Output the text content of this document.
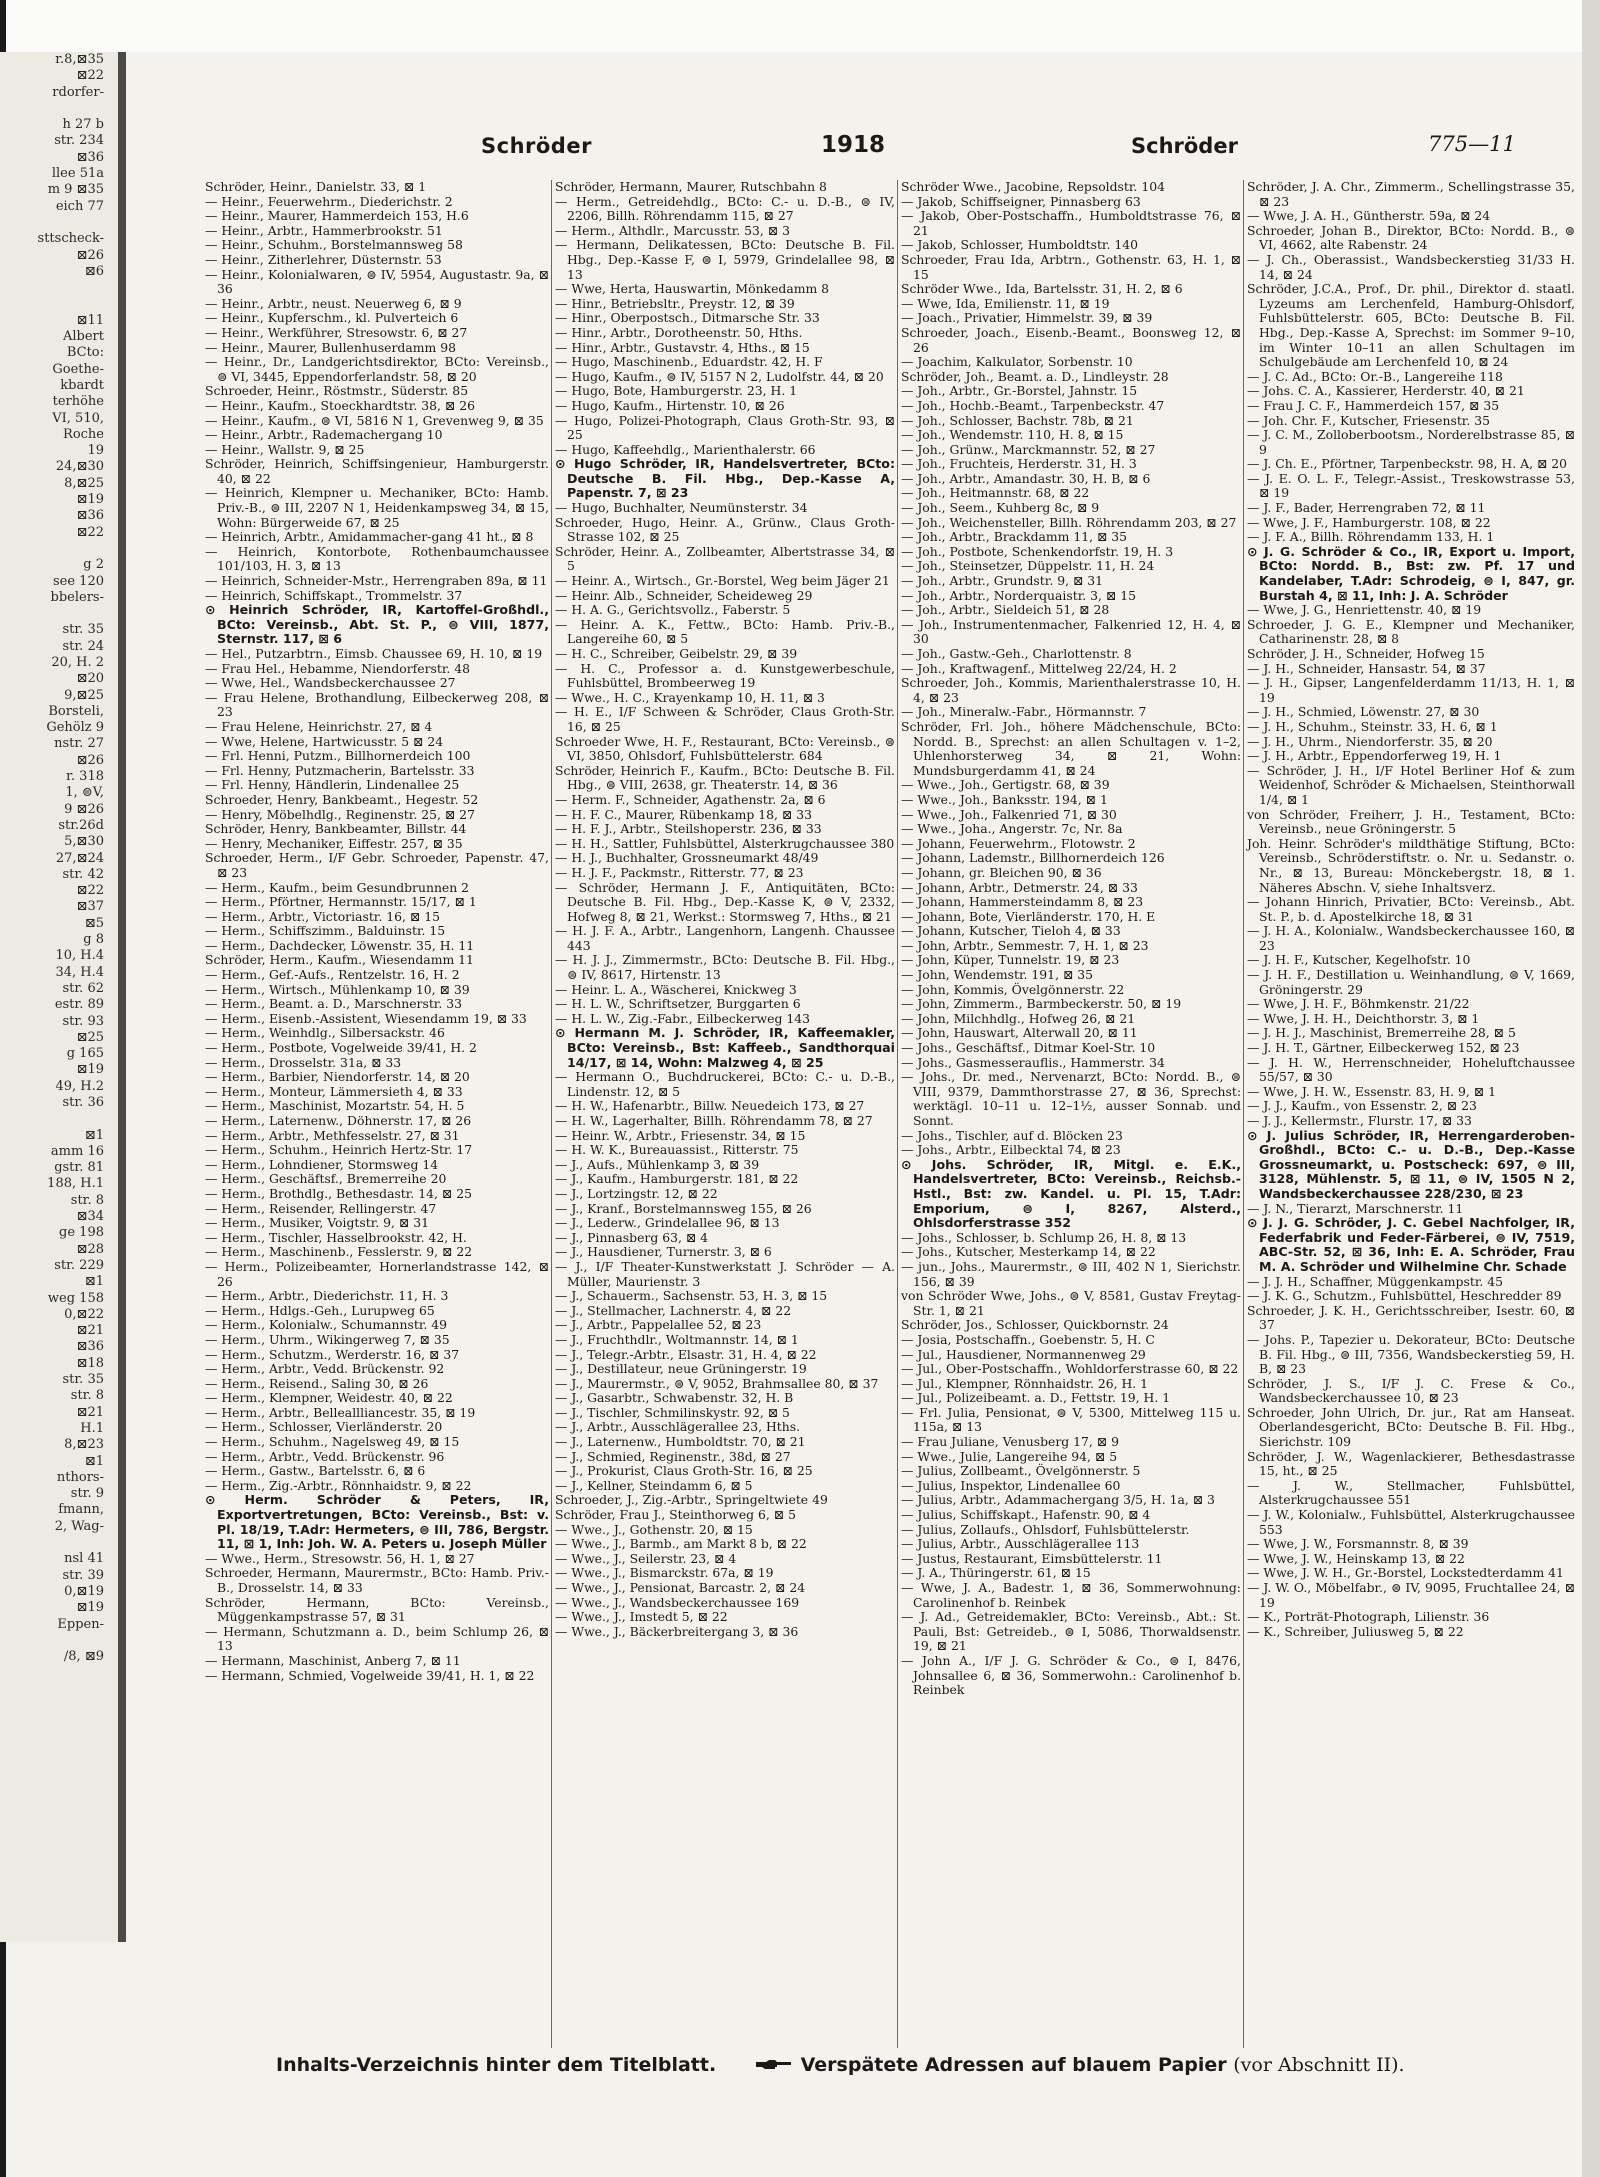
r.8,⊠35
⊠22
rdorfer-

h 27 b
str. 234
⊠36
llee 51a
m 9 ⊠35
eich 77

sttscheck-
⊠26
⊠6

⊠11
Albert
BCto:
Goethe-
kbardt
terhöhe
VI, 510,
Roche
19
24,⊠30
8,⊠25
⊠19
⊠36
⊠22

g 2
see 120
bbelers-

str. 35
str. 24
20, H. 2
⊠20
9,⊠25
Borsteli,
Gehölz 9
nstr. 27
⊠26
r. 318
1, ⊜V,
9 ⊠26
str.26d
5,⊠30
27,⊠24
str. 42
⊠22
⊠37
⊠5
g 8
10, H.4
34, H.4
str. 62
estr. 89
str. 93
⊠25
g 165
⊠19
49, H.2
str. 36

⊠1
amm 16
gstr. 81
188, H.1
str. 8
⊠34
ge 198
⊠28
str. 229
⊠1
weg 158
0,⊠22
⊠21
⊠36
⊠18
str. 35
str. 8
⊠21
H.1
8,⊠23
⊠1
nthors-
str. 9
fmann,
2, Wag-

nsl 41
str. 39
0,⊠19
⊠19
Eppen-

/8, ⊠9
Schröder	1918	Schröder	775—11

Schröder, Heinr., Danielstr. 33, ⊠ 1

— Heinr., Feuerwehrm., Diederichstr. 2

— Heinr., Maurer, Hammerdeich 153, H.6

— Heinr., Arbtr., Hammerbrookstr. 51

— Heinr., Schuhm., Borstelmannsweg 58

— Heinr., Zitherlehrer, Düsternstr. 53

— Heinr., Kolonialwaren, ⊜ IV, 5954, Augustastr. 9a, ⊠ 36

— Heinr., Arbtr., neust. Neuerweg 6, ⊠ 9

— Heinr., Kupferschm., kl. Pulverteich 6

— Heinr., Werkführer, Stresowstr. 6, ⊠ 27

— Heinr., Maurer, Bullenhuserdamm 98

— Heinr., Dr., Landgerichtsdirektor, BCto: Vereinsb., ⊜ VI, 3445, Eppendorferlandstr. 58, ⊠ 20

Schroeder, Heinr., Röstmstr., Süderstr. 85

— Heinr., Kaufm., Stoeckhardtstr. 38, ⊠ 26

— Heinr., Kaufm., ⊜ VI, 5816 N 1, Grevenweg 9, ⊠ 35

— Heinr., Arbtr., Rademachergang 10

— Heinr., Wallstr. 9, ⊠ 25

Schröder, Heinrich, Schiffsingenieur, Hamburgerstr. 40, ⊠ 22

— Heinrich, Klempner u. Mechaniker, BCto: Hamb. Priv.-B., ⊜ III, 2207 N 1, Heidenkampsweg 34, ⊠ 15, Wohn: Bürgerweide 67, ⊠ 25

— Heinrich, Arbtr., Amidammacher-gang 41 ht., ⊠ 8

— Heinrich, Kontorbote, Rothenbaumchaussee 101/103, H. 3, ⊠ 13

— Heinrich, Schneider-Mstr., Herrengraben 89a, ⊠ 11

— Heinrich, Schiffskapt., Trommelstr. 37

⊙ Heinrich Schröder, IR, Kartoffel-Großhdl., BCto: Vereinsb., Abt. St. P., ⊜ VIII, 1877, Sternstr. 117, ⊠ 6

— Hel., Putzarbtrn., Eimsb. Chaussee 69, H. 10, ⊠ 19

— Frau Hel., Hebamme, Niendorferstr. 48

— Wwe, Hel., Wandsbeckerchaussee 27

— Frau Helene, Brothandlung, Eilbeckerweg 208, ⊠ 23

— Frau Helene, Heinrichstr. 27, ⊠ 4

— Wwe, Helene, Hartwicusstr. 5 ⊠ 24

— Frl. Henni, Putzm., Billhornerdeich 100

— Frl. Henny, Putzmacherin, Bartelsstr. 33

— Frl. Henny, Händlerin, Lindenallee 25

Schroeder, Henry, Bankbeamt., Hegestr. 52

— Henry, Möbelhdlg., Reginenstr. 25, ⊠ 27

Schröder, Henry, Bankbeamter, Billstr. 44

— Henry, Mechaniker, Eiffestr. 257, ⊠ 35

Schroeder, Herm., I/F Gebr. Schroeder, Papenstr. 47, ⊠ 23

— Herm., Kaufm., beim Gesundbrunnen 2

— Herm., Pförtner, Hermannstr. 15/17, ⊠ 1

— Herm., Arbtr., Victoriastr. 16, ⊠ 15

— Herm., Schiffszimm., Balduinstr. 15

— Herm., Dachdecker, Löwenstr. 35, H. 11

Schröder, Herm., Kaufm., Wiesendamm 11

— Herm., Gef.-Aufs., Rentzelstr. 16, H. 2

— Herm., Wirtsch., Mühlenkamp 10, ⊠ 39

— Herm., Beamt. a. D., Marschnerstr. 33

— Herm., Eisenb.-Assistent, Wiesendamm 19, ⊠ 33

— Herm., Weinhdlg., Silbersackstr. 46

— Herm., Postbote, Vogelweide 39/41, H. 2

— Herm., Drosselstr. 31a, ⊠ 33

— Herm., Barbier, Niendorferstr. 14, ⊠ 20

— Herm., Monteur, Lämmersieth 4, ⊠ 33

— Herm., Maschinist, Mozartstr. 54, H. 5

— Herm., Laternenw., Döhnerstr. 17, ⊠ 26

— Herm., Arbtr., Methfesselstr. 27, ⊠ 31

— Herm., Schuhm., Heinrich Hertz-Str. 17

— Herm., Lohndiener, Stormsweg 14

— Herm., Geschäftsf., Bremerreihe 20

— Herm., Brothdlg., Bethesdastr. 14, ⊠ 25

— Herm., Reisender, Rellingerstr. 47

— Herm., Musiker, Voigtstr. 9, ⊠ 31

— Herm., Tischler, Hasselbrookstr. 42, H.

— Herm., Maschinenb., Fesslerstr. 9, ⊠ 22

— Herm., Polizeibeamter, Hornerlandstrasse 142, ⊠ 26

— Herm., Arbtr., Diederichstr. 11, H. 3

— Herm., Hdlgs.-Geh., Lurupweg 65

— Herm., Kolonialw., Schumannstr. 49

— Herm., Uhrm., Wikingerweg 7, ⊠ 35

— Herm., Schutzm., Werderstr. 16, ⊠ 37

— Herm., Arbtr., Vedd. Brückenstr. 92

— Herm., Reisend., Saling 30, ⊠ 26

— Herm., Klempner, Weidestr. 40, ⊠ 22

— Herm., Arbtr., Belleallliancestr. 35, ⊠ 19

— Herm., Schlosser, Vierländerstr. 20

— Herm., Schuhm., Nagelsweg 49, ⊠ 15

— Herm., Arbtr., Vedd. Brückenstr. 96

— Herm., Gastw., Bartelsstr. 6, ⊠ 6

— Herm., Zig.-Arbtr., Rönnhaidstr. 9, ⊠ 22

⊙ Herm. Schröder & Peters, IR, Exportvertretungen, BCto: Vereinsb., Bst: v. Pl. 18/19, T.Adr: Hermeters, ⊜ III, 786, Bergstr. 11, ⊠ 1, Inh: Joh. W. A. Peters u. Joseph Müller

— Wwe., Herm., Stresowstr. 56, H. 1, ⊠ 27

Schroeder, Hermann, Maurermstr., BCto: Hamb. Priv.-B., Drosselstr. 14, ⊠ 33

Schröder, Hermann, BCto: Vereinsb., Müggenkampstrasse 57, ⊠ 31

— Hermann, Schutzmann a. D., beim Schlump 26, ⊠ 13

— Hermann, Maschinist, Anberg 7, ⊠ 11

— Hermann, Schmied, Vogelweide 39/41, H. 1, ⊠ 22

Schröder, Hermann, Maurer, Rutschbahn 8

— Herm., Getreidehdlg., BCto: C.- u. D.-B., ⊜ IV, 2206, Billh. Röhrendamm 115, ⊠ 27

— Herm., Althdlr., Marcusstr. 53, ⊠ 3

— Hermann, Delikatessen, BCto: Deutsche B. Fil. Hbg., Dep.-Kasse F, ⊜ I, 5979, Grindelallee 98, ⊠ 13

— Wwe, Herta, Hauswartin, Mönkedamm 8

— Hinr., Betriebsltr., Preystr. 12, ⊠ 39

— Hinr., Oberpostsch., Ditmarsche Str. 33

— Hinr., Arbtr., Dorotheenstr. 50, Hths.

— Hinr., Arbtr., Gustavstr. 4, Hths., ⊠ 15

— Hugo, Maschinenb., Eduardstr. 42, H. F

— Hugo, Kaufm., ⊜ IV, 5157 N 2, Ludolfstr. 44, ⊠ 20

— Hugo, Bote, Hamburgerstr. 23, H. 1

— Hugo, Kaufm., Hirtenstr. 10, ⊠ 26

— Hugo, Polizei-Photograph, Claus Groth-Str. 93, ⊠ 25

— Hugo, Kaffeehdlg., Marienthalerstr. 66

⊙ Hugo Schröder, IR, Handelsvertreter, BCto: Deutsche B. Fil. Hbg., Dep.-Kasse A, Papenstr. 7, ⊠ 23

— Hugo, Buchhalter, Neumünsterstr. 34

Schroeder, Hugo, Heinr. A., Grünw., Claus Groth-Strasse 102, ⊠ 25

Schröder, Heinr. A., Zollbeamter, Albertstrasse 34, ⊠ 5

— Heinr. A., Wirtsch., Gr.-Borstel, Weg beim Jäger 21

— Heinr. Alb., Schneider, Scheideweg 29

— H. A. G., Gerichtsvollz., Faberstr. 5

— Heinr. A. K., Fettw., BCto: Hamb. Priv.-B., Langereihe 60, ⊠ 5

— H. C., Schreiber, Geibelstr. 29, ⊠ 39

— H. C., Professor a. d. Kunstgewerbeschule, Fuhlsbüttel, Brombeerweg 19

— Wwe., H. C., Krayenkamp 10, H. 11, ⊠ 3

— H. E., I/F Schween & Schröder, Claus Groth-Str. 16, ⊠ 25

Schroeder Wwe, H. F., Restaurant, BCto: Vereinsb., ⊜ VI, 3850, Ohlsdorf, Fuhlsbüttelerstr. 684

Schröder, Heinrich F., Kaufm., BCto: Deutsche B. Fil. Hbg., ⊜ VIII, 2638, gr. Theaterstr. 14, ⊠ 36

— Herm. F., Schneider, Agathenstr. 2a, ⊠ 6

— H. F. C., Maurer, Rübenkamp 18, ⊠ 33

— H. F. J., Arbtr., Steilshoperstr. 236, ⊠ 33

— H. H., Sattler, Fuhlsbüttel, Alsterkrugchaussee 380

— H. J., Buchhalter, Grossneumarkt 48/49

— H. J. F., Packmstr., Ritterstr. 77, ⊠ 23

— Schröder, Hermann J. F., Antiquitäten, BCto: Deutsche B. Fil. Hbg., Dep.-Kasse K, ⊜ V, 2332, Hofweg 8, ⊠ 21, Werkst.: Stormsweg 7, Hths., ⊠ 21

— H. J. F. A., Arbtr., Langenhorn, Langenh. Chaussee 443

— H. J. J., Zimmermstr., BCto: Deutsche B. Fil. Hbg., ⊜ IV, 8617, Hirtenstr. 13

— Heinr. L. A., Wäscherei, Knickweg 3

— H. L. W., Schriftsetzer, Burggarten 6

— H. L. W., Zig.-Fabr., Eilbeckerweg 143

⊙ Hermann M. J. Schröder, IR, Kaffeemakler, BCto: Vereinsb., Bst: Kaffeeb., Sandthorquai 14/17, ⊠ 14, Wohn: Malzweg 4, ⊠ 25

— Hermann O., Buchdruckerei, BCto: C.- u. D.-B., Lindenstr. 12, ⊠ 5

— H. W., Hafenarbtr., Billw. Neuedeich 173, ⊠ 27

— H. W., Lagerhalter, Billh. Röhrendamm 78, ⊠ 27

— Heinr. W., Arbtr., Friesenstr. 34, ⊠ 15

— H. W. K., Bureauassist., Ritterstr. 75

— J., Aufs., Mühlenkamp 3, ⊠ 39

— J., Kaufm., Hamburgerstr. 181, ⊠ 22

— J., Lortzingstr. 12, ⊠ 22

— J., Kranf., Borstelmannsweg 155, ⊠ 26

— J., Lederw., Grindelallee 96, ⊠ 13

— J., Pinnasberg 63, ⊠ 4

— J., Hausdiener, Turnerstr. 3, ⊠ 6

— J., I/F Theater-Kunstwerkstatt J. Schröder — A. Müller, Maurienstr. 3

— J., Schauerm., Sachsenstr. 53, H. 3, ⊠ 15

— J., Stellmacher, Lachnerstr. 4, ⊠ 22

— J., Arbtr., Pappelallee 52, ⊠ 23

— J., Fruchthdlr., Woltmannstr. 14, ⊠ 1

— J., Telegr.-Arbtr., Elsastr. 31, H. 4, ⊠ 22

— J., Destillateur, neue Grüningerstr. 19

— J., Maurermstr., ⊜ V, 9052, Brahmsallee 80, ⊠ 37

— J., Gasarbtr., Schwabenstr. 32, H. B

— J., Tischler, Schmilinskystr. 92, ⊠ 5

— J., Arbtr., Ausschlägerallee 23, Hths.

— J., Laternenw., Humboldtstr. 70, ⊠ 21

— J., Schmied, Reginenstr., 38d, ⊠ 27

— J., Prokurist, Claus Groth-Str. 16, ⊠ 25

— J., Kellner, Steindamm 6, ⊠ 5

Schroeder, J., Zig.-Arbtr., Springeltwiete 49

Schröder, Frau J., Steinthorweg 6, ⊠ 5

— Wwe., J., Gothenstr. 20, ⊠ 15

— Wwe., J., Barmb., am Markt 8 b, ⊠ 22

— Wwe., J., Seilerstr. 23, ⊠ 4

— Wwe., J., Bismarckstr. 67a, ⊠ 19

— Wwe., J., Pensionat, Barcastr. 2, ⊠ 24

— Wwe., J., Wandsbeckerchaussee 169

— Wwe., J., Imstedt 5, ⊠ 22

— Wwe., J., Bäckerbreitergang 3, ⊠ 36

Schröder Wwe., Jacobine, Repsoldstr. 104

— Jakob, Schiffseigner, Pinnasberg 63

— Jakob, Ober-Postschaffn., Humboldtstrasse 76, ⊠ 21

— Jakob, Schlosser, Humboldtstr. 140

Schroeder, Frau Ida, Arbtrn., Gothenstr. 63, H. 1, ⊠ 15

Schröder Wwe., Ida, Bartelsstr. 31, H. 2, ⊠ 6

— Wwe, Ida, Emilienstr. 11, ⊠ 19

— Joach., Privatier, Himmelstr. 39, ⊠ 39

Schroeder, Joach., Eisenb.-Beamt., Boonsweg 12, ⊠ 26

— Joachim, Kalkulator, Sorbenstr. 10

Schröder, Joh., Beamt. a. D., Lindleystr. 28

— Joh., Arbtr., Gr.-Borstel, Jahnstr. 15

— Joh., Hochb.-Beamt., Tarpenbeckstr. 47

— Joh., Schlosser, Bachstr. 78b, ⊠ 21

— Joh., Wendemstr. 110, H. 8, ⊠ 15

— Joh., Grünw., Marckmannstr. 52, ⊠ 27

— Joh., Fruchteis, Herderstr. 31, H. 3

— Joh., Arbtr., Amandastr. 30, H. B, ⊠ 6

— Joh., Heitmannstr. 68, ⊠ 22

— Joh., Seem., Kuhberg 8c, ⊠ 9

— Joh., Weichensteller, Billh. Röhrendamm 203, ⊠ 27

— Joh., Arbtr., Brackdamm 11, ⊠ 35

— Joh., Postbote, Schenkendorfstr. 19, H. 3

— Joh., Steinsetzer, Düppelstr. 11, H. 24

— Joh., Arbtr., Grundstr. 9, ⊠ 31

— Joh., Arbtr., Norderquaistr. 3, ⊠ 15

— Joh., Arbtr., Sieldeich 51, ⊠ 28

— Joh., Instrumentenmacher, Falkenried 12, H. 4, ⊠ 30

— Joh., Gastw.-Geh., Charlottenstr. 8

— Joh., Kraftwagenf., Mittelweg 22/24, H. 2

Schroeder, Joh., Kommis, Marienthalerstrasse 10, H. 4, ⊠ 23

— Joh., Mineralw.-Fabr., Hörmannstr. 7

Schröder, Frl. Joh., höhere Mädchenschule, BCto: Nordd. B., Sprechst: an allen Schultagen v. 1–2, Uhlenhorsterweg 34, ⊠ 21, Wohn: Mundsburgerdamm 41, ⊠ 24

— Wwe., Joh., Gertigstr. 68, ⊠ 39

— Wwe., Joh., Banksstr. 194, ⊠ 1

— Wwe., Joh., Falkenried 71, ⊠ 30

— Wwe., Joha., Angerstr. 7c, Nr. 8a

— Johann, Feuerwehrm., Flotowstr. 2

— Johann, Lademstr., Billhornerdeich 126

— Johann, gr. Bleichen 90, ⊠ 36

— Johann, Arbtr., Detmerstr. 24, ⊠ 33

— Johann, Hammersteindamm 8, ⊠ 23

— Johann, Bote, Vierländerstr. 170, H. E

— Johann, Kutscher, Tieloh 4, ⊠ 33

— John, Arbtr., Semmestr. 7, H. 1, ⊠ 23

— John, Küper, Tunnelstr. 19, ⊠ 23

— John, Wendemstr. 191, ⊠ 35

— John, Kommis, Övelgönnerstr. 22

— John, Zimmerm., Barmbeckerstr. 50, ⊠ 19

— John, Milchhdlg., Hofweg 26, ⊠ 21

— John, Hauswart, Alterwall 20, ⊠ 11

— Johs., Geschäftsf., Ditmar Koel-Str. 10

— Johs., Gasmesserauflis., Hammerstr. 34

— Johs., Dr. med., Nervenarzt, BCto: Nordd. B., ⊜ VIII, 9379, Dammthorstrasse 27, ⊠ 36, Sprechst: werktägl. 10–11 u. 12–1½, ausser Sonnab. und Sonnt.

— Johs., Tischler, auf d. Blöcken 23

— Johs., Arbtr., Eilbecktal 74, ⊠ 23

⊙ Johs. Schröder, IR, Mitgl. e. E.K., Handelsvertreter, BCto: Vereinsb., Reichsb.-Hstl., Bst: zw. Kandel. u. Pl. 15, T.Adr: Emporium, ⊜ I, 8267, Alsterd., Ohlsdorferstrasse 352

— Johs., Schlosser, b. Schlump 26, H. 8, ⊠ 13

— Johs., Kutscher, Mesterkamp 14, ⊠ 22

— jun., Johs., Maurermstr., ⊜ III, 402 N 1, Sierichstr. 156, ⊠ 39

von Schröder Wwe, Johs., ⊜ V, 8581, Gustav Freytag-Str. 1, ⊠ 21

Schröder, Jos., Schlosser, Quickbornstr. 24

— Josia, Postschaffn., Goebenstr. 5, H. C

— Jul., Hausdiener, Normannenweg 29

— Jul., Ober-Postschaffn., Wohldorferstrasse 60, ⊠ 22

— Jul., Klempner, Rönnhaidstr. 26, H. 1

— Jul., Polizeibeamt. a. D., Fettstr. 19, H. 1

— Frl. Julia, Pensionat, ⊜ V, 5300, Mittelweg 115 u. 115a, ⊠ 13

— Frau Juliane, Venusberg 17, ⊠ 9

— Wwe., Julie, Langereihe 94, ⊠ 5

— Julius, Zollbeamt., Övelgönnerstr. 5

— Julius, Inspektor, Lindenallee 60

— Julius, Arbtr., Adammachergang 3/5, H. 1a, ⊠ 3

— Julius, Schiffskapt., Hafenstr. 90, ⊠ 4

— Julius, Zollaufs., Ohlsdorf, Fuhlsbüttelerstr.

— Julius, Arbtr., Ausschlägerallee 113

— Justus, Restaurant, Eimsbüttelerstr. 11

— J. A., Thüringerstr. 61, ⊠ 15

— Wwe, J. A., Badestr. 1, ⊠ 36, Sommerwohnung: Carolinenhof b. Reinbek

— J. Ad., Getreidemakler, BCto: Vereinsb., Abt.: St. Pauli, Bst: Getreideb., ⊜ I, 5086, Thorwaldsenstr. 19, ⊠ 21

— John A., I/F J. G. Schröder & Co., ⊜ I, 8476, Johnsallee 6, ⊠ 36, Sommerwohn.: Carolinenhof b. Reinbek

Schröder, J. A. Chr., Zimmerm., Schellingstrasse 35, ⊠ 23

— Wwe, J. A. H., Güntherstr. 59a, ⊠ 24

Schroeder, Johan B., Direktor, BCto: Nordd. B., ⊜ VI, 4662, alte Rabenstr. 24

— J. Ch., Oberassist., Wandsbeckerstieg 31/33 H. 14, ⊠ 24

Schröder, J.C.A., Prof., Dr. phil., Direktor d. staatl. Lyzeums am Lerchenfeld, Hamburg-Ohlsdorf, Fuhlsbüttelerstr. 605, BCto: Deutsche B. Fil. Hbg., Dep.-Kasse A, Sprechst: im Sommer 9–10, im Winter 10–11 an allen Schultagen im Schulgebäude am Lerchenfeld 10, ⊠ 24

— J. C. Ad., BCto: Or.-B., Langereihe 118

— Johs. C. A., Kassierer, Herderstr. 40, ⊠ 21

— Frau J. C. F., Hammerdeich 157, ⊠ 35

— Joh. Chr. F., Kutscher, Friesenstr. 35

— J. C. M., Zolloberbootsm., Norderelbstrasse 85, ⊠ 9

— J. Ch. E., Pförtner, Tarpenbeckstr. 98, H. A, ⊠ 20

— J. E. O. L. F., Telegr.-Assist., Treskowstrasse 53, ⊠ 19

— J. F., Bader, Herrengraben 72, ⊠ 11

— Wwe, J. F., Hamburgerstr. 108, ⊠ 22

— J. F. A., Billh. Röhrendamm 133, H. 1

⊙ J. G. Schröder & Co., IR, Export u. Import, BCto: Nordd. B., Bst: zw. Pf. 17 und Kandelaber, T.Adr: Schrodeig, ⊜ I, 847, gr. Burstah 4, ⊠ 11, Inh: J. A. Schröder

— Wwe, J. G., Henriettenstr. 40, ⊠ 19

Schroeder, J. G. E., Klempner und Mechaniker, Catharinenstr. 28, ⊠ 8

Schröder, J. H., Schneider, Hofweg 15

— J. H., Schneider, Hansastr. 54, ⊠ 37

— J. H., Gipser, Langenfelderdamm 11/13, H. 1, ⊠ 19

— J. H., Schmied, Löwenstr. 27, ⊠ 30

— J. H., Schuhm., Steinstr. 33, H. 6, ⊠ 1

— J. H., Uhrm., Niendorferstr. 35, ⊠ 20

— J. H., Arbtr., Eppendorferweg 19, H. 1

— Schröder, J. H., I/F Hotel Berliner Hof & zum Weidenhof, Schröder & Michaelsen, Steinthorwall 1/4, ⊠ 1

von Schröder, Freiherr, J. H., Testament, BCto: Vereinsb., neue Gröningerstr. 5

Joh. Heinr. Schröder's mildthätige Stiftung, BCto: Vereinsb., Schröderstiftstr. o. Nr. u. Sedanstr. o. Nr., ⊠ 13, Bureau: Mönckebergstr. 18, ⊠ 1. Näheres Abschn. V, siehe Inhaltsverz.

— Johann Hinrich, Privatier, BCto: Vereinsb., Abt. St. P., b. d. Apostelkirche 18, ⊠ 31

— J. H. A., Kolonialw., Wandsbeckerchaussee 160, ⊠ 23

— J. H. F., Kutscher, Kegelhofstr. 10

— J. H. F., Destillation u. Weinhandlung, ⊜ V, 1669, Gröningerstr. 29

— Wwe, J. H. F., Böhmkenstr. 21/22

— Wwe, J. H. H., Deichthorstr. 3, ⊠ 1

— J. H. J., Maschinist, Bremerreihe 28, ⊠ 5

— J. H. T., Gärtner, Eilbeckerweg 152, ⊠ 23

— J. H. W., Herrenschneider, Hoheluftchaussee 55/57, ⊠ 30

— Wwe, J. H. W., Essenstr. 83, H. 9, ⊠ 1

— J. J., Kaufm., von Essenstr. 2, ⊠ 23

— J. J., Kellermstr., Flurstr. 17, ⊠ 33

⊙ J. Julius Schröder, IR, Herrengarderoben-Großhdl., BCto: C.- u. D.-B., Dep.-Kasse Grossneumarkt, u. Postscheck: 697, ⊜ III, 3128, Mühlenstr. 5, ⊠ 11, ⊜ IV, 1505 N 2, Wandsbeckerchaussee 228/230, ⊠ 23

— J. N., Tierarzt, Marschnerstr. 11

⊙ J. J. G. Schröder, J. C. Gebel Nachfolger, IR, Federfabrik und Feder-Färberei, ⊜ IV, 7519, ABC-Str. 52, ⊠ 36, Inh: E. A. Schröder, Frau M. A. Schröder und Wilhelmine Chr. Schade

— J. J. H., Schaffner, Müggenkampstr. 45

— J. K. G., Schutzm., Fuhlsbüttel, Heschredder 89

Schroeder, J. K. H., Gerichtsschreiber, Isestr. 60, ⊠ 37

— Johs. P., Tapezier u. Dekorateur, BCto: Deutsche B. Fil. Hbg., ⊜ III, 7356, Wandsbeckerstieg 59, H. B, ⊠ 23

Schröder, J. S., I/F J. C. Frese & Co., Wandsbeckerchaussee 10, ⊠ 23

Schroeder, John Ulrich, Dr. jur., Rat am Hanseat. Oberlandesgericht, BCto: Deutsche B. Fil. Hbg., Sierichstr. 109

Schröder, J. W., Wagenlackierer, Bethesdastrasse 15, ht., ⊠ 25

— J. W., Stellmacher, Fuhlsbüttel, Alsterkrugchaussee 551

— J. W., Kolonialw., Fuhlsbüttel, Alsterkrugchaussee 553

— Wwe, J. W., Forsmannstr. 8, ⊠ 39

— Wwe, J. W., Heinskamp 13, ⊠ 22

— Wwe, J. W. H., Gr.-Borstel, Lockstedterdamm 41

— J. W. O., Möbelfabr., ⊜ IV, 9095, Fruchtallee 24, ⊠ 19

— K., Porträt-Photograph, Lilienstr. 36

— K., Schreiber, Juliusweg 5, ⊠ 22

Inhalts-Verzeichnis hinter dem Titelblatt.	Verspätete Adressen auf blauem Papier (vor Abschnitt II).
